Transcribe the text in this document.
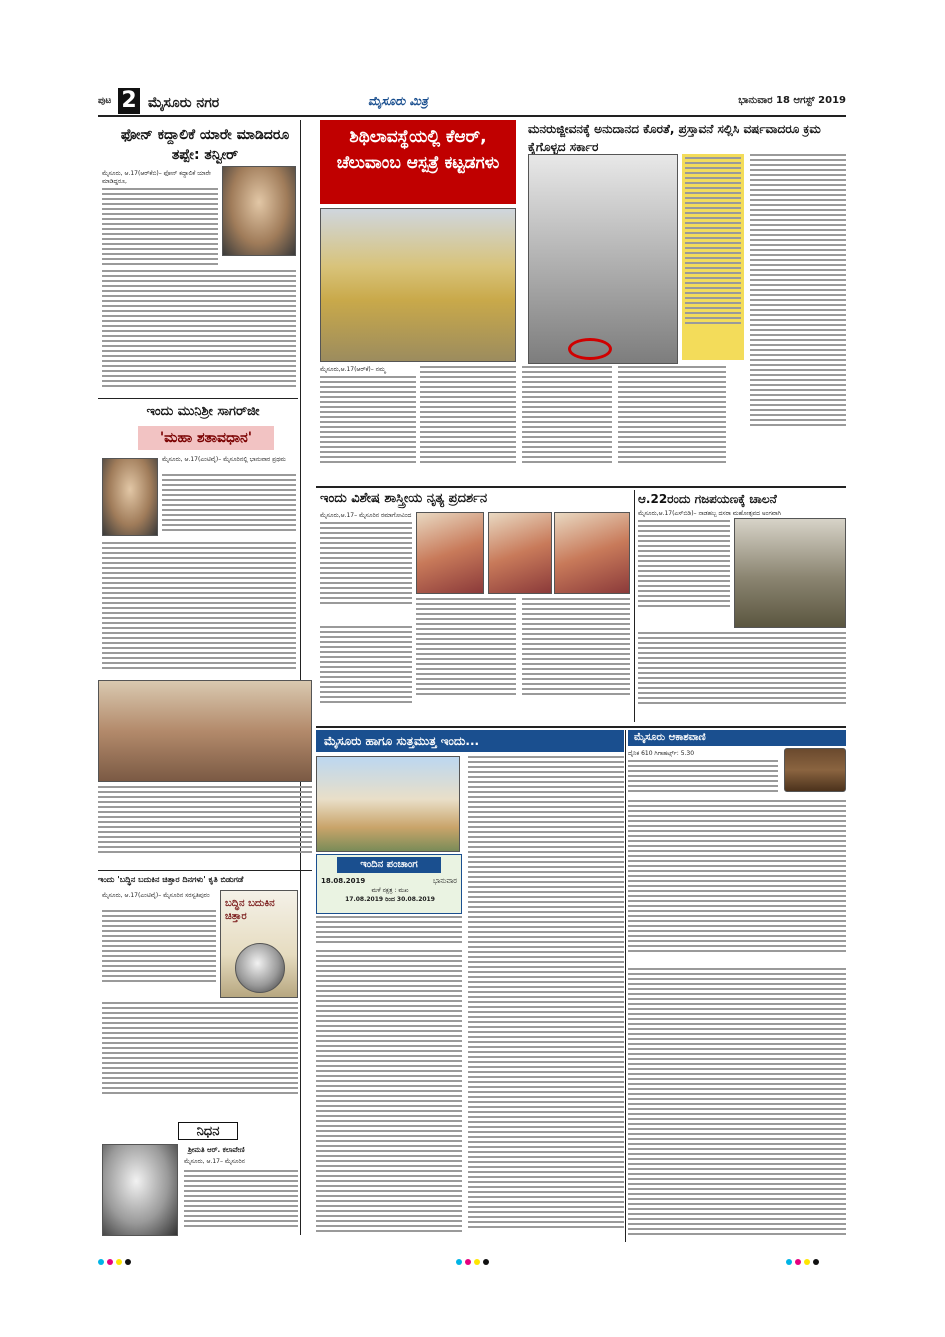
ಪುಟ 2 ಮೈಸೂರು ನಗರ	ಮೈಸೂರು ಮಿತ್ರ	ಭಾನುವಾರ 18 ಆಗಸ್ಟ್ 2019
ಫೋನ್ ಕದ್ದಾಲಿಕೆ ಯಾರೇ ಮಾಡಿದರೂ ತಪ್ಪೇ: ತನ್ವೀರ್
ಮೈಸೂರು, ಆ.17(ಆರ್‌ಕೆಬಿ)– ಫೋನ್ ಕದ್ದಾಲಿಕೆ ಯಾರೇ ಮಾಡಿದ್ದರೂ,
ಇಂದು ಮುನಿಶ್ರೀ ಸಾಗರ್‌ಜೀ
'ಮಹಾ ಶತಾವಧಾನ'
ಮೈಸೂರು, ಆ.17(ಎಂಟಿವೈ)– ಮೈಸೂರಿನಲ್ಲಿ ಭಾನುವಾರ ಪ್ರಥಮ
ಇಂದು 'ಬದ್ಧಿನ ಬದುಕಿನ ಚಿತ್ತಾರ ದಿನಗಳು' ಕೃತಿ ಬಿಡುಗಡೆ
ಮೈಸೂರು, ಆ.17(ಎಂಟಿವೈ)– ಮೈಸೂರಿನ ಸರಸ್ವತಿಪುರಂ
ಬದ್ಧಿನ ಬದುಕಿನ ಚಿತ್ತಾರ
ನಿಧನ
ಶ್ರೀಮತಿ ಆರ್. ಕಲಾವೇಣಿ
ಮೈಸೂರು, ಆ.17– ಮೈಸೂರಿನ
ಶಿಥಿಲಾವಸ್ಥೆಯಲ್ಲಿ ಕೆಆರ್, ಚೆಲುವಾಂಬ ಆಸ್ಪತ್ರೆ ಕಟ್ಟಡಗಳು
ಮನರುಜ್ಜೀವನಕ್ಕೆ ಅನುದಾನದ ಕೊರತೆ, ಪ್ರಸ್ತಾವನೆ ಸಲ್ಲಿಸಿ ವರ್ಷವಾದರೂ ಕ್ರಮ ಕೈಗೊಳ್ಳದ ಸರ್ಕಾರ
ಮೈಸೂರು,ಆ.17(ಆರ್‌ಕೆ)– ನಮ್ಮ
ಇಂದು ವಿಶೇಷ ಶಾಸ್ತ್ರೀಯ ನೃತ್ಯ ಪ್ರದರ್ಶನ
ಮೈಸೂರು,ಆ.17– ಮೈಸೂರಿನ ರಮಾಗೋವಿಂದ
ಆ.22ರಂದು ಗಜಪಯಣಕ್ಕೆ ಚಾಲನೆ
ಮೈಸೂರು,ಆ.17(ಎಸ್‌ಬಿಡಿ)– ನಾಡಹಬ್ಬ ದಸರಾ ಮಹೋತ್ಸವದ ಅಂಗವಾಗಿ
ಮೈಸೂರು ಹಾಗೂ ಸುತ್ತಮುತ್ತ ಇಂದು...
ಇಂದಿನ ಪಂಚಾಂಗ
18.08.2019	ಭಾನುವಾರ
ಮಳೆ ನಕ್ಷತ್ರ : ಮಖ
17.08.2019 ರಿಂದ 30.08.2019
ಮೈಸೂರು ಆಕಾಶವಾಣಿ
ದೈನಿಕ 610 ಗಿಗಾಹರ್ಟ್ಸ್: 5.30
